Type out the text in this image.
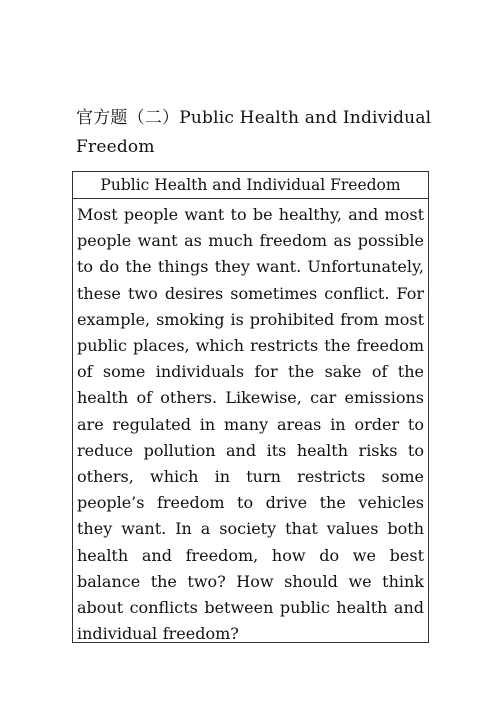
官方题（二）Public Health and Individual Freedom
Public Health and Individual Freedom
Most people want to be healthy, and most people want as much freedom as possible to do the things they want. Unfortunately, these two desires sometimes conflict. For example, smoking is prohibited from most public places, which restricts the freedom of some individuals for the sake of the health of others. Likewise, car emissions are regulated in many areas in order to reduce pollution and its health risks to others, which in turn restricts some people’s freedom to drive the vehicles they want. In a society that values both health and freedom, how do we best balance the two? How should we think about conflicts between public health and individual freedom?
